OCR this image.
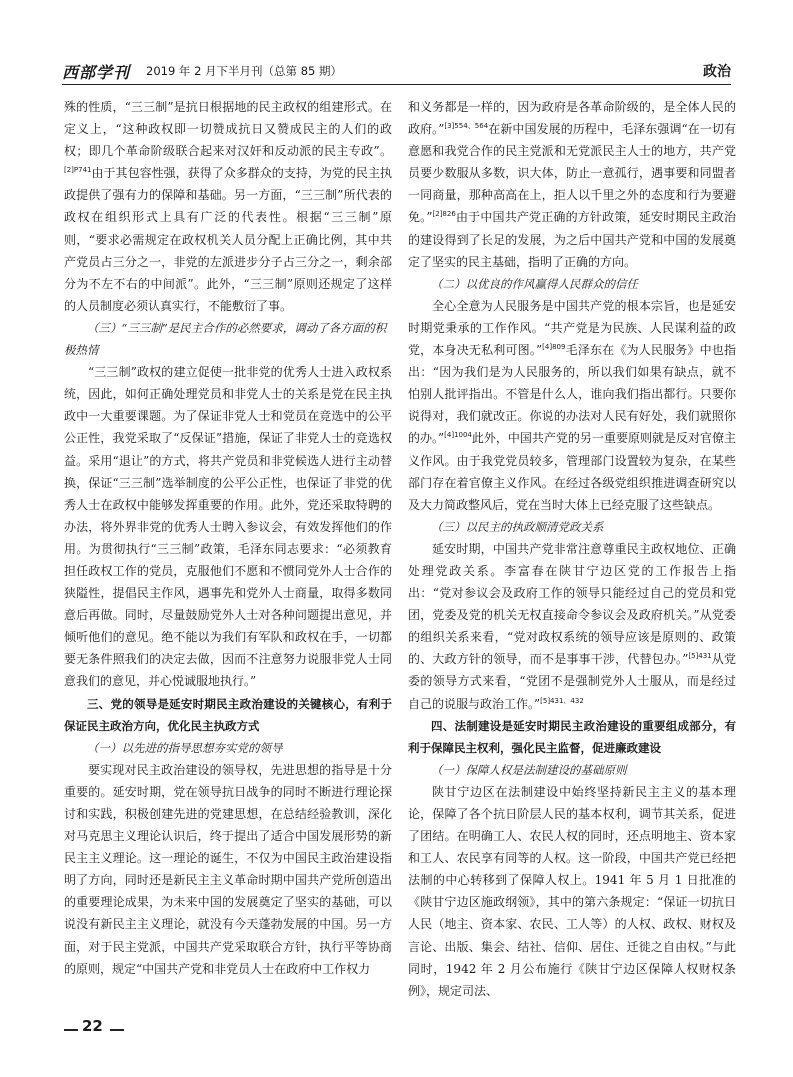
西部学刊 2019 年 2 月下半月刊（总第 85 期）	政治

殊的性质，“三三制”是抗日根据地的民主政权的组建形式。在定义上，“这种政权即一切赞成抗日又赞成民主的人们的政权；即几个革命阶级联合起来对汉奸和反动派的民主专政”。$^{[2]P741}$由于其包容性强，获得了众多群众的支持，为党的民主执政提供了强有力的保障和基础。另一方面，“三三制”所代表的政权在组织形式上具有广泛的代表性。根据“三三制”原则，“要求必需规定在政权机关人员分配上正确比例，其中共产党员占三分之一，非党的左派进步分子占三分之一，剩余部分为不左不右的中间派”。此外，“三三制”原则还规定了这样的人员制度必须认真实行，不能敷衍了事。

（三）“三三制”是民主合作的必然要求，调动了各方面的积极热情

“三三制”政权的建立促使一批非党的优秀人士进入政权系统，因此，如何正确处理党员和非党人士的关系是党在民主执政中一大重要课题。为了保证非党人士和党员在竞选中的公平公正性，我党采取了“反保证”措施，保证了非党人士的竞选权益。采用“退让”的方式，将共产党员和非党候选人进行主动替换，保证“三三制”选举制度的公平公正性，也保证了非党的优秀人士在政权中能够发挥重要的作用。此外，党还采取特聘的办法，将外界非党的优秀人士聘入参议会，有效发挥他们的作用。为贯彻执行“三三制”政策，毛泽东同志要求：“必须教育担任政权工作的党员，克服他们不愿和不惯同党外人士合作的狭隘性，提倡民主作风，遇事先和党外人士商量，取得多数同意后再做。同时，尽量鼓励党外人士对各种问题提出意见，并倾听他们的意见。绝不能以为我们有军队和政权在手，一切都要无条件照我们的决定去做，因而不注意努力说服非党人士同意我们的意见，并心悦诚服地执行。”

三、党的领导是延安时期民主政治建设的关键核心，有利于保证民主政治方向，优化民主执政方式

（一）以先进的指导思想夯实党的领导

要实现对民主政治建设的领导权，先进思想的指导是十分重要的。延安时期，党在领导抗日战争的同时不断进行理论探讨和实践，积极创建先进的党建思想，在总结经验教训，深化对马克思主义理论认识后，终于提出了适合中国发展形势的新民主主义理论。这一理论的诞生，不仅为中国民主政治建设指明了方向，同时还是新民主主义革命时期中国共产党所创造出的重要理论成果，为未来中国的发展奠定了坚实的基础，可以说没有新民主主义理论，就没有今天蓬勃发展的中国。另一方面，对于民主党派，中国共产党采取联合方针，执行平等协商的原则，规定“中国共产党和非党员人士在政府中工作权力

和义务都是一样的，因为政府是各革命阶级的，是全体人民的政府。”$^{[3]554、564}$在新中国发展的历程中，毛泽东强调“在一切有意愿和我党合作的民主党派和无党派民主人士的地方，共产党员要少数服从多数，识大体，防止一意孤行，遇事要和同盟者一同商量，那种高高在上，拒人以千里之外的态度和行为要避免。”$^{[2]826}$由于中国共产党正确的方针政策，延安时期民主政治的建设得到了长足的发展，为之后中国共产党和中国的发展奠定了坚实的民主基础，指明了正确的方向。

（二）以优良的作风赢得人民群众的信任

全心全意为人民服务是中国共产党的根本宗旨，也是延安时期党秉承的工作作风。“共产党是为民族、人民谋利益的政党，本身决无私利可图。”$^{[4]809}$毛泽东在《为人民服务》中也指出：“因为我们是为人民服务的，所以我们如果有缺点，就不怕别人批评指出。不管是什么人，谁向我们指出都行。只要你说得对，我们就改正。你说的办法对人民有好处，我们就照你的办。”$^{[4]1004}$此外，中国共产党的另一重要原则就是反对官僚主义作风。由于我党党员较多，管理部门设置较为复杂，在某些部门存在着官僚主义作风。在经过各级党组织推进调查研究以及大力简政整风后，党在当时大体上已经克服了这些缺点。

（三）以民主的执政顺清党政关系

延安时期，中国共产党非常注意尊重民主政权地位、正确处理党政关系。李富春在陕甘宁边区党的工作报告上指出：“党对参议会及政府工作的领导只能经过自己的党员和党团，党委及党的机关无权直接命令参议会及政府机关。”从党委的组织关系来看，“党对政权系统的领导应该是原则的、政策的、大政方针的领导，而不是事事干涉，代替包办。”$^{[5]431}$从党委的领导方式来看，“党团不是强制党外人士服从，而是经过自己的说服与政治工作。”$^{[5]431、432}$

四、法制建设是延安时期民主政治建设的重要组成部分，有利于保障民主权利，强化民主监督，促进廉政建设

（一）保障人权是法制建设的基础原则

陕甘宁边区在法制建设中始终坚持新民主主义的基本理论，保障了各个抗日阶层人民的基本权利，调节其关系，促进了团结。在明确工人、农民人权的同时，还点明地主、资本家和工人、农民享有同等的人权。这一阶段，中国共产党已经把法制的中心转移到了保障人权上。1941 年 5 月 1 日批准的《陕甘宁边区施政纲领》，其中的第六条规定：“保证一切抗日人民（地主、资本家、农民、工人等）的人权、政权、财权及言论、出版、集会、结社、信仰、居住、迁徙之自由权。”与此同时，1942 年 2 月公布施行《陕甘宁边区保障人权财权条例》，规定司法、

22
